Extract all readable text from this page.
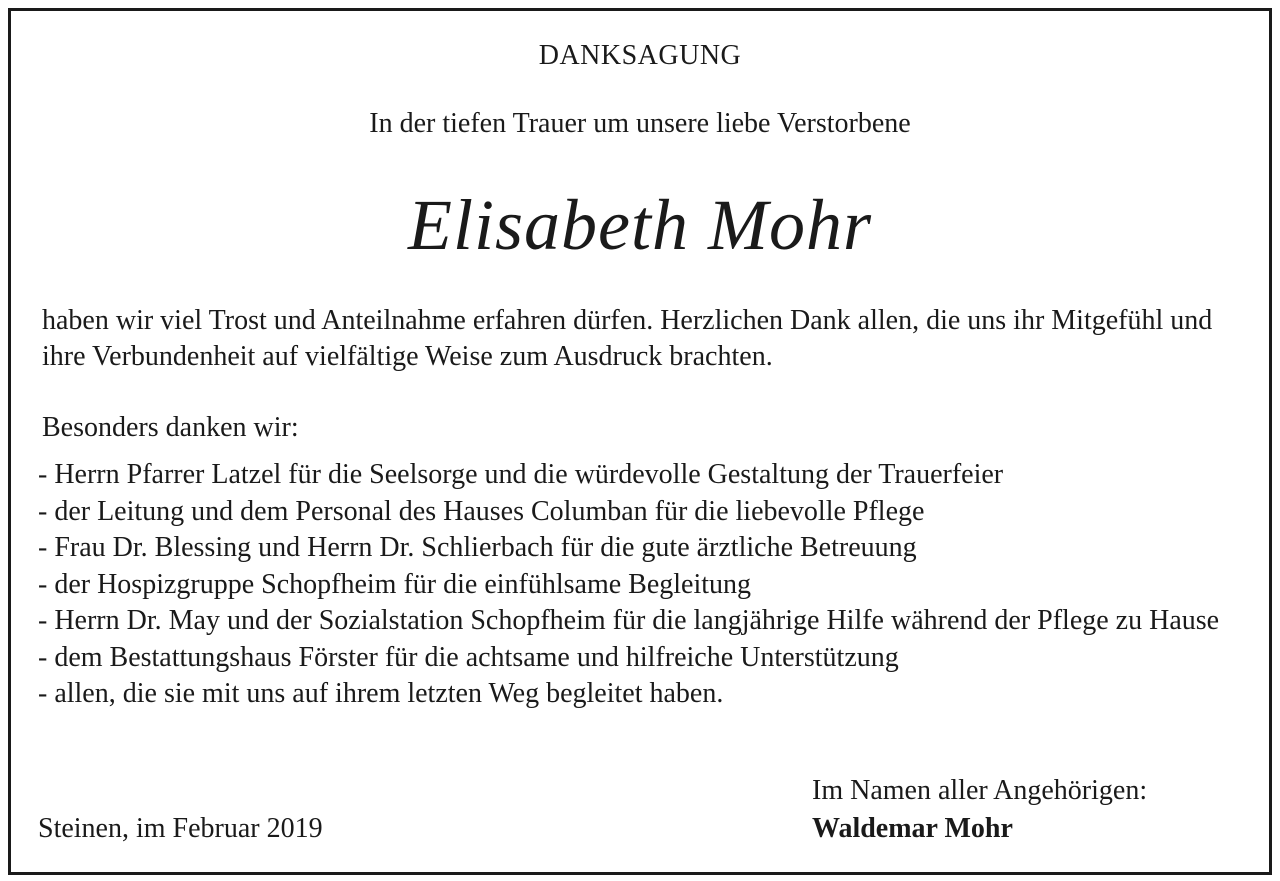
DANKSAGUNG
In der tiefen Trauer um unsere liebe Verstorbene
Elisabeth Mohr
haben wir viel Trost und Anteilnahme erfahren dürfen. Herzlichen Dank allen, die uns ihr Mitgefühl und ihre Verbundenheit auf vielfältige Weise zum Ausdruck brachten.
Besonders danken wir:
- Herrn Pfarrer Latzel für die Seelsorge und die würdevolle Gestaltung der Trauerfeier
- der Leitung und dem Personal des Hauses Columban für die liebevolle Pflege
- Frau Dr. Blessing und Herrn Dr. Schlierbach für die gute ärztliche Betreuung
- der Hospizgruppe Schopfheim für die einfühlsame Begleitung
- Herrn Dr. May und der Sozialstation Schopfheim für die langjährige Hilfe während der Pflege zu Hause
- dem Bestattungshaus Förster für die achtsame und hilfreiche Unterstützung
- allen, die sie mit uns auf ihrem letzten Weg begleitet haben.
Im Namen aller Angehörigen:
Waldemar Mohr
Steinen, im Februar 2019
